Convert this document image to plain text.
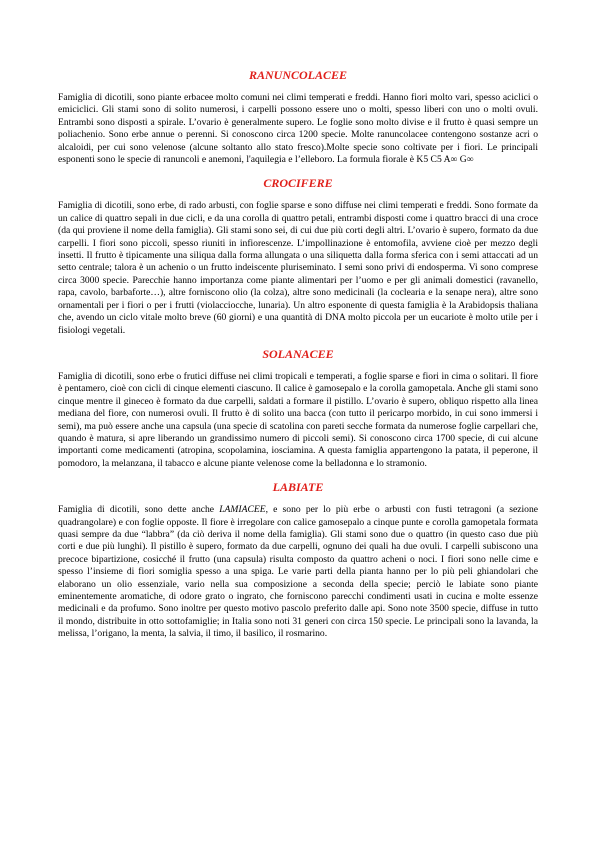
RANUNCOLACEE

Famiglia di dicotili, sono piante erbacee molto comuni nei climi temperati e freddi. Hanno fiori molto vari, spesso aciclici o emiciclici. Gli stami sono di solito numerosi, i carpelli possono essere uno o molti, spesso liberi con uno o molti ovuli. Entrambi sono disposti a spirale. L’ovario è generalmente supero. Le foglie sono molto divise e il frutto è quasi sempre un poliachenio. Sono erbe annue o perenni. Si conoscono circa 1200 specie. Molte ranuncolacee contengono sostanze acri o alcaloidi, per cui sono velenose (alcune soltanto allo stato fresco).Molte specie sono coltivate per i fiori. Le principali esponenti sono le specie di ranuncoli e anemoni, l'aquilegia e l’elleboro. La formula fiorale è K5 C5 A∞ G∞

CROCIFERE

Famiglia di dicotili, sono erbe, di rado arbusti, con foglie sparse e sono diffuse nei climi temperati e freddi. Sono formate da un calice di quattro sepali in due cicli, e da una corolla di quattro petali, entrambi disposti come i quattro bracci di una croce (da qui proviene il nome della famiglia). Gli stami sono sei, di cui due più corti degli altri. L’ovario è supero, formato da due carpelli. I fiori sono piccoli, spesso riuniti in infiorescenze. L’impollinazione è entomofila, avviene cioè per mezzo degli insetti. Il frutto è tipicamente una siliqua dalla forma allungata o una siliquetta dalla forma sferica con i semi attaccati ad un setto centrale; talora è un achenio o un frutto indeiscente pluriseminato. I semi sono privi di endosperma. Vi sono comprese circa 3000 specie. Parecchie hanno importanza come piante alimentari per l’uomo e per gli animali domestici (ravanello, rapa, cavolo, barbaforte…), altre forniscono olio (la colza), altre sono medicinali (la coclearia e la senape nera), altre sono ornamentali per i fiori o per i frutti (violacciocche, lunaria). Un altro esponente di questa famiglia è la Arabidopsis thaliana che, avendo un ciclo vitale molto breve (60 giorni) e una quantità di DNA molto piccola per un eucariote è molto utile per i fisiologi vegetali.

SOLANACEE

Famiglia di dicotili, sono erbe o frutici diffuse nei climi tropicali e temperati, a foglie sparse e fiori in cima o solitari. Il fiore è pentamero, cioè con cicli di cinque elementi ciascuno. Il calice è gamosepalo e la corolla gamopetala. Anche gli stami sono cinque mentre il gineceo è formato da due carpelli, saldati a formare il pistillo. L’ovario è supero, obliquo rispetto alla linea mediana del fiore, con numerosi ovuli. Il frutto è di solito una bacca (con tutto il pericarpo morbido, in cui sono immersi i semi), ma può essere anche una capsula (una specie di scatolina con pareti secche formata da numerose foglie carpellari che, quando è matura, si apre liberando un grandissimo numero di piccoli semi). Si conoscono circa 1700 specie, di cui alcune importanti come medicamenti (atropina, scopolamina, iosciamina. A questa famiglia appartengono la patata, il peperone, il pomodoro, la melanzana, il tabacco e alcune piante velenose come la belladonna e lo stramonio.

LABIATE

Famiglia di dicotili, sono dette anche LAMIACEE, e sono per lo più erbe o arbusti con fusti tetragoni (a sezione quadrangolare) e con foglie opposte. Il fiore è irregolare con calice gamosepalo a cinque punte e corolla gamopetala formata quasi sempre da due “labbra” (da ciò deriva il nome della famiglia). Gli stami sono due o quattro (in questo caso due più corti e due più lunghi). Il pistillo è supero, formato da due carpelli, ognuno dei quali ha due ovuli. I carpelli subiscono una precoce bipartizione, cosicché il frutto (una capsula) risulta composto da quattro acheni o noci. I fiori sono nelle cime e spesso l’insieme di fiori somiglia spesso a una spiga. Le varie parti della pianta hanno per lo più peli ghiandolari che elaborano un olio essenziale, vario nella sua composizione a seconda della specie; perciò le labiate sono piante eminentemente aromatiche, di odore grato o ingrato, che forniscono parecchi condimenti usati in cucina e molte essenze medicinali e da profumo. Sono inoltre per questo motivo pascolo preferito dalle api. Sono note 3500 specie, diffuse in tutto il mondo, distribuite in otto sottofamiglie; in Italia sono noti 31 generi con circa 150 specie. Le principali sono la lavanda, la melissa, l’origano, la menta, la salvia, il timo, il basilico, il rosmarino.
